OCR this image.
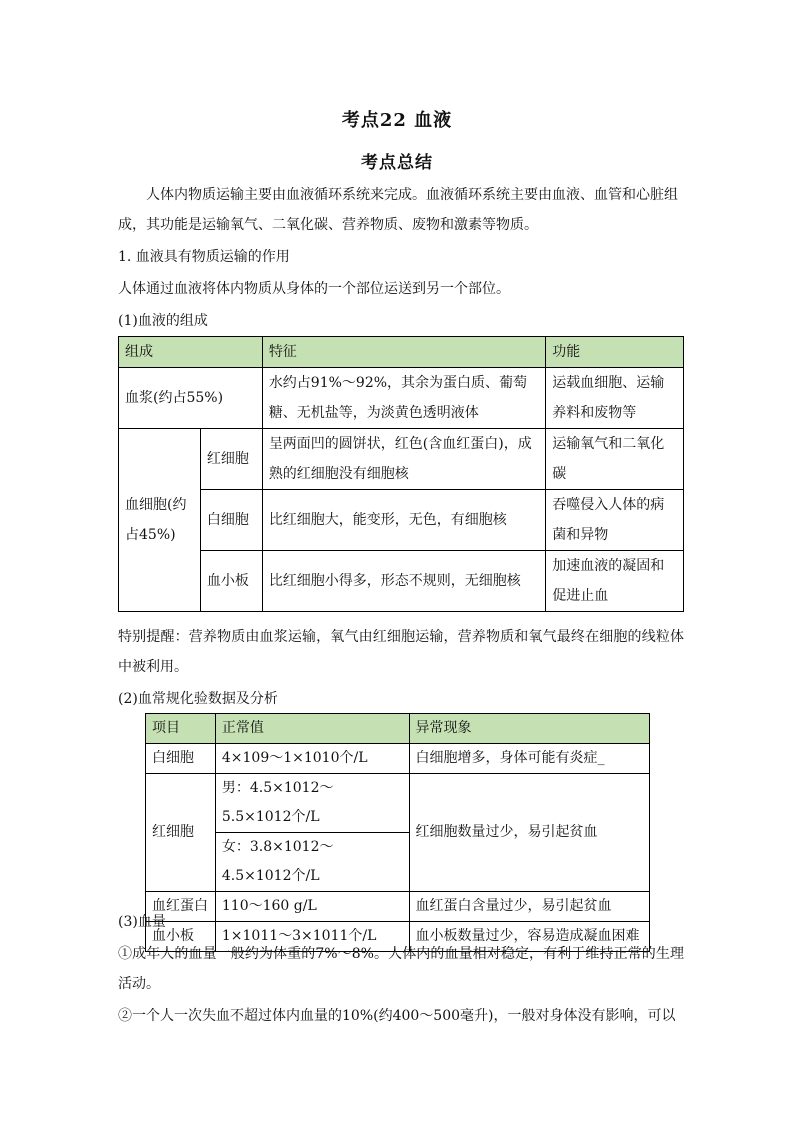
考点22 血液
考点总结
人体内物质运输主要由血液循环系统来完成。血液循环系统主要由血液、血管和心脏组成，其功能是运输氧气、二氧化碳、营养物质、废物和激素等物质。
1. 血液具有物质运输的作用
人体通过血液将体内物质从身体的一个部位运送到另一个部位。
(1)血液的组成
组成		特征	功能
血浆(约占55%)		水约占91%～92%，其余为蛋白质、葡萄糖、无机盐等，为淡黄色透明液体	运载血细胞、运输养料和废物等
血细胞(约占45%)	红细胞	呈两面凹的圆饼状，红色(含血红蛋白)，成熟的红细胞没有细胞核	运输氧气和二氧化碳
	白细胞	比红细胞大，能变形，无色，有细胞核	吞噬侵入人体的病菌和异物
	血小板	比红细胞小得多，形态不规则，无细胞核	加速血液的凝固和促进止血
特别提醒：营养物质由血浆运输，氧气由红细胞运输，营养物质和氧气最终在细胞的线粒体中被利用。
(2)血常规化验数据及分析
项目	正常值	异常现象
白细胞	4×109～1×1010个/L	白细胞增多，身体可能有炎症_
红细胞	男：4.5×1012～5.5×1012个/L	红细胞数量过少，易引起贫血
	女：3.8×1012～4.5×1012个/L	
血红蛋白	110～160 g/L	血红蛋白含量过少，易引起贫血
血小板	1×1011～3×1011个/L	血小板数量过少，容易造成凝血困难
(3)血量
①成年人的血量一般约为体重的7%～8%。人体内的血量相对稳定，有利于维持正常的生理活动。
②一个人一次失血不超过体内血量的10%(约400～500毫升)，一般对身体没有影响，可以
